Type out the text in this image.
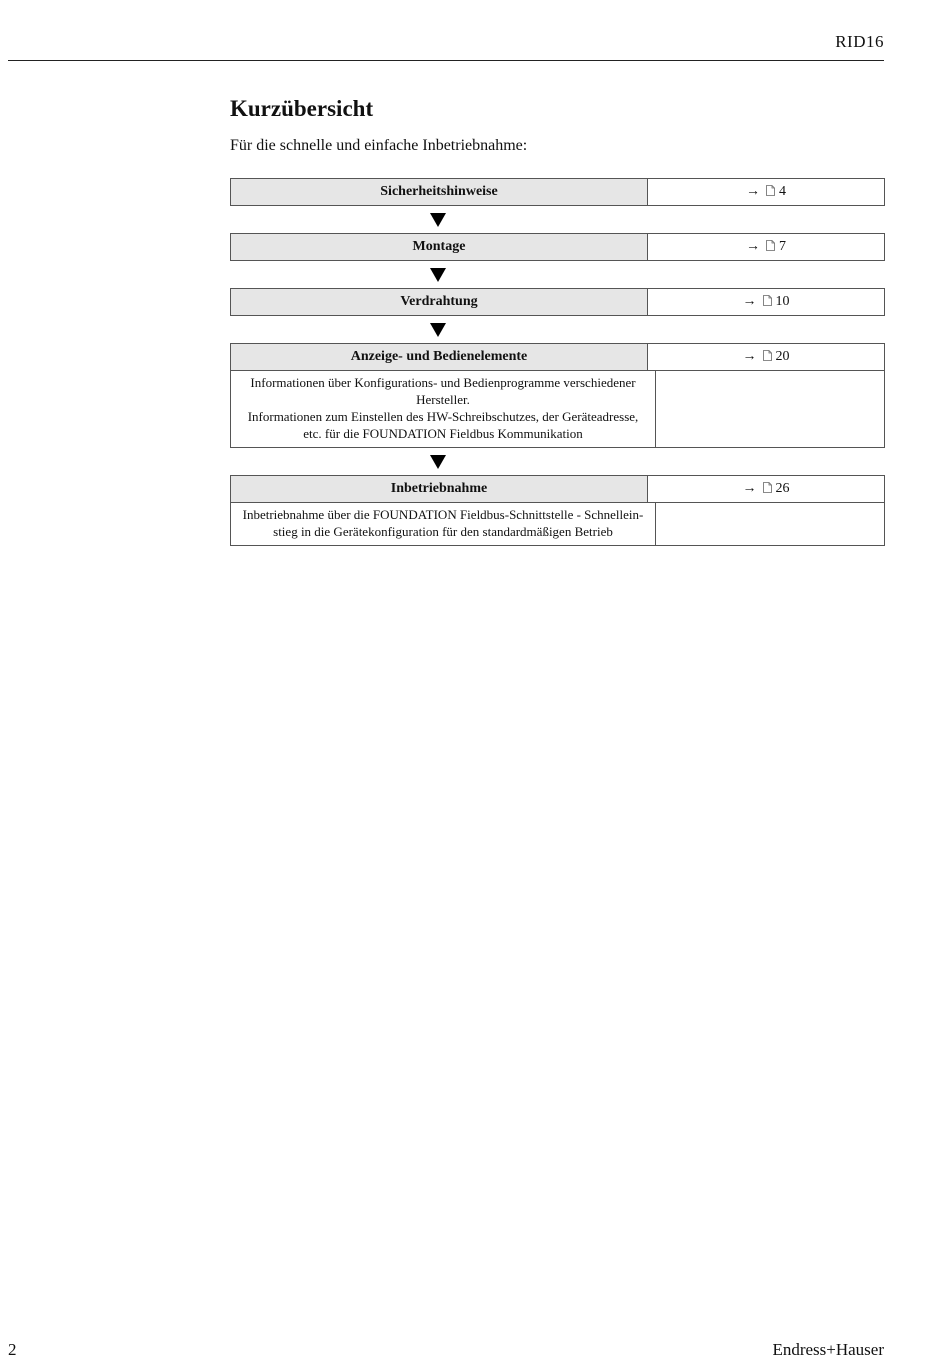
RID16
Kurzübersicht
Für die schnelle und einfache Inbetriebnahme:
Sicherheitshinweise	→ 4
Montage	→ 7
Verdrahtung	→ 10
Anzeige- und Bedienelemente	→ 20
Informationen über Konfigurations- und Bedienprogramme verschiedener
Hersteller.
Informationen zum Einstellen des HW-Schreibschutzes, der Geräteadresse,
etc. für die FOUNDATION Fieldbus Kommunikation
Inbetriebnahme	→ 26
Inbetriebnahme über die FOUNDATION Fieldbus-Schnittstelle - Schnellein-
stieg in die Gerätekonfiguration für den standardmäßigen Betrieb
2	Endress+Hauser
